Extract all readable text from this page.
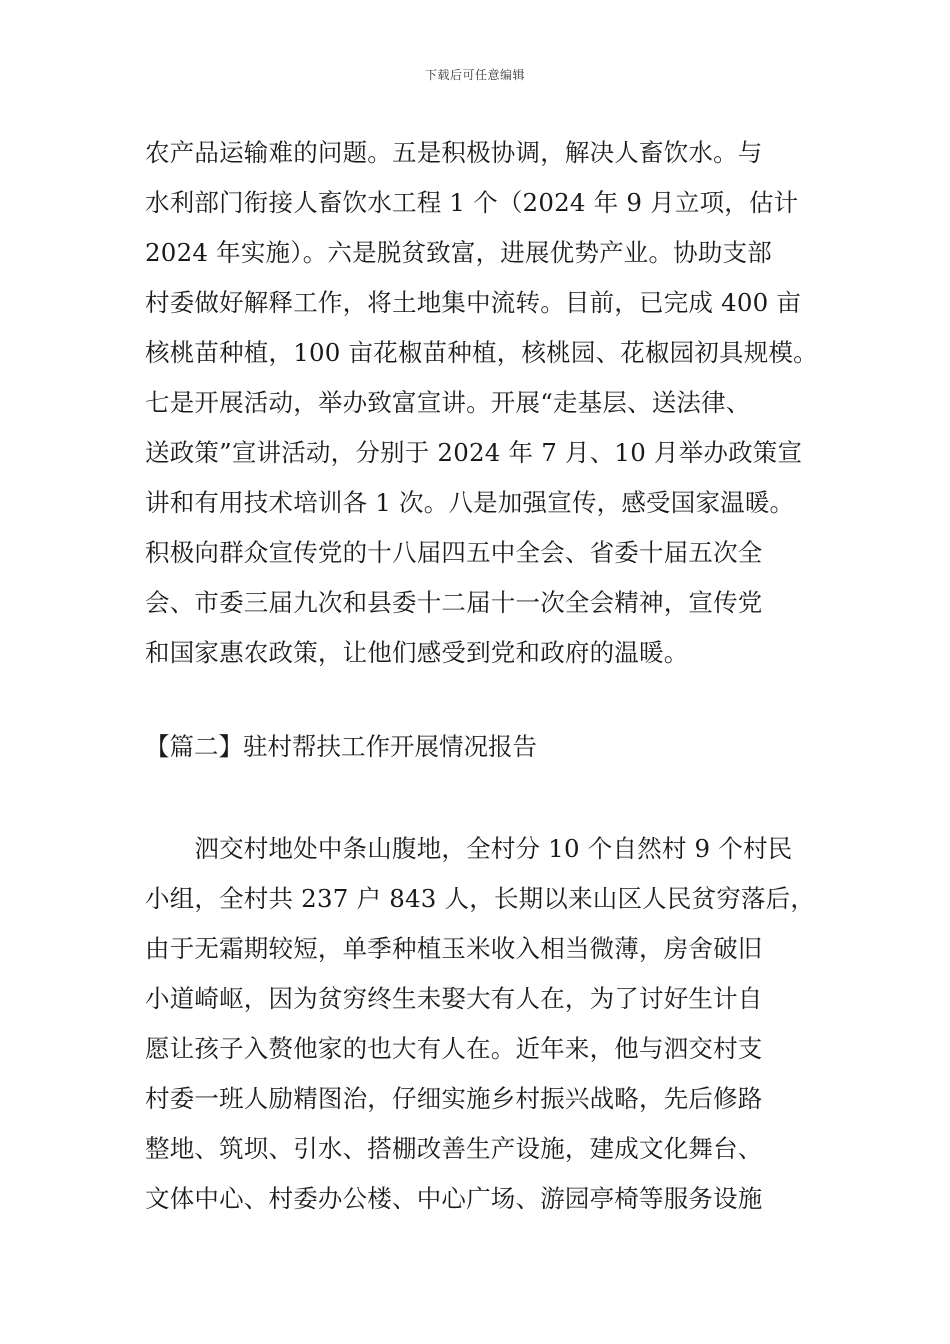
下载后可任意编辑
农产品运输难的问题。五是积极协调，解决人畜饮水。与
水利部门衔接人畜饮水工程 1 个（2024 年 9 月立项，估计
2024 年实施）。六是脱贫致富，进展优势产业。协助支部
村委做好解释工作，将土地集中流转。目前，已完成 400 亩
核桃苗种植，100 亩花椒苗种植，核桃园、花椒园初具规模。
七是开展活动，举办致富宣讲。开展“走基层、送法律、
送政策”宣讲活动，分别于 2024 年 7 月、10 月举办政策宣
讲和有用技术培训各 1 次。八是加强宣传，感受国家温暖。
积极向群众宣传党的十八届四五中全会、省委十届五次全
会、市委三届九次和县委十二届十一次全会精神，宣传党
和国家惠农政策，让他们感受到党和政府的温暖。
【篇二】驻村帮扶工作开展情况报告
　　泗交村地处中条山腹地，全村分 10 个自然村 9 个村民
小组，全村共 237 户 843 人，长期以来山区人民贫穷落后，
由于无霜期较短，单季种植玉米收入相当微薄，房舍破旧
小道崎岖，因为贫穷终生未娶大有人在，为了讨好生计自
愿让孩子入赘他家的也大有人在。近年来，他与泗交村支
村委一班人励精图治，仔细实施乡村振兴战略，先后修路
整地、筑坝、引水、搭棚改善生产设施，建成文化舞台、
文体中心、村委办公楼、中心广场、游园亭椅等服务设施
